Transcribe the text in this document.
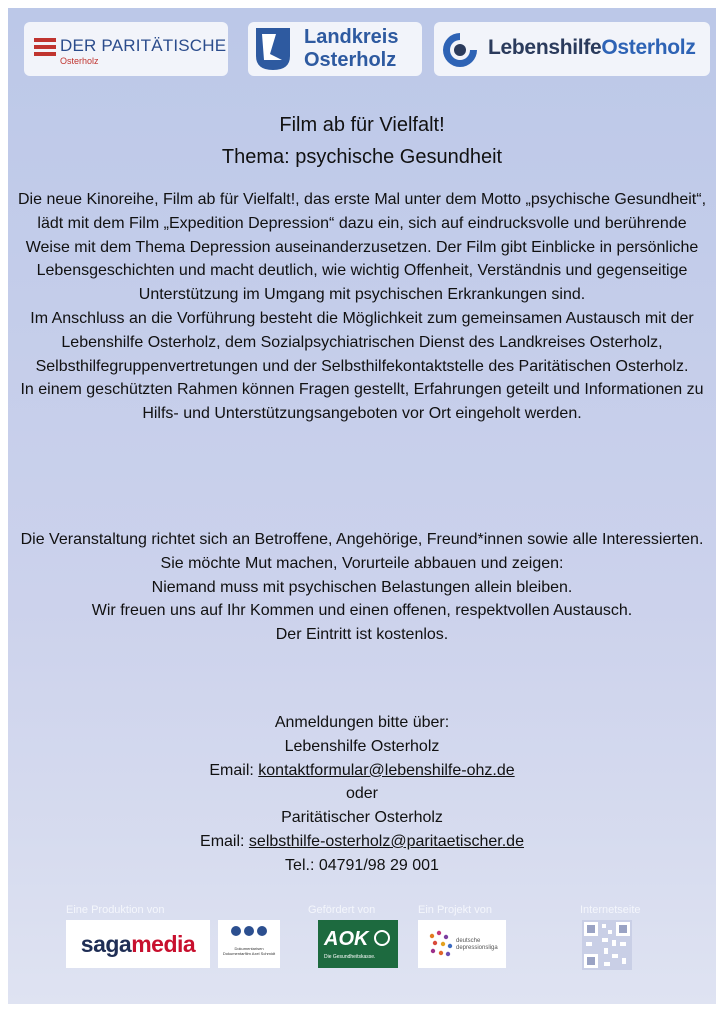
DER PARITÄTISCHE
Osterholz
Landkreis
Osterholz
LebenshilfeOsterholz
Film ab für Vielfalt!
Thema: psychische Gesundheit

Die neue Kinoreihe, Film ab für Vielfalt!, das erste Mal unter dem Motto „psychische Gesundheit“, lädt mit dem Film „Expedition Depression“ dazu ein, sich auf eindrucksvolle und berührende Weise mit dem Thema Depression auseinanderzusetzen. Der Film gibt Einblicke in persönliche Lebensgeschichten und macht deutlich, wie wichtig Offenheit, Verständnis und gegenseitige Unterstützung im Umgang mit psychischen Erkrankungen sind.

Im Anschluss an die Vorführung besteht die Möglichkeit zum gemeinsamen Austausch mit der Lebenshilfe Osterholz, dem Sozialpsychiatrischen Dienst des Landkreises Osterholz, Selbsthilfegruppenvertretungen und der Selbsthilfekontaktstelle des Paritätischen Osterholz.

In einem geschützten Rahmen können Fragen gestellt, Erfahrungen geteilt und Informationen zu Hilfs- und Unterstützungsangeboten vor Ort eingeholt werden.

Die Veranstaltung richtet sich an Betroffene, Angehörige, Freund*innen sowie alle Interessierten.

Sie möchte Mut machen, Vorurteile abbauen und zeigen:

Niemand muss mit psychischen Belastungen allein bleiben.

Wir freuen uns auf Ihr Kommen und einen offenen, respektvollen Austausch.

Der Eintritt ist kostenlos.

Anmeldungen bitte über:

Lebenshilfe Osterholz

Email: kontaktformular@lebenshilfe-ohz.de

oder

Paritätischer Osterholz

Email: selbsthilfe-osterholz@paritaetischer.de

Tel.: 04791/98 29 001

Eine Produktion von
sagamedia	Dokumentarisen Dokumentarfilm Axel Schmidt
Gefördert von
AOK
Die Gesundheitskasse.
Ein Projekt von
deutsche depressionsliga
Internetseite
